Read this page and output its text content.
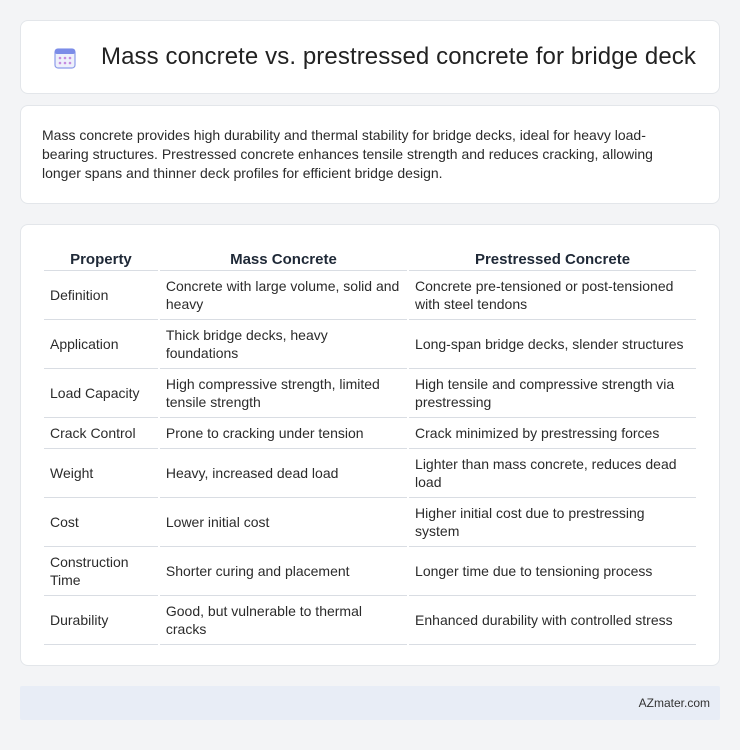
Mass concrete vs. prestressed concrete for bridge deck

Mass concrete provides high durability and thermal stability for bridge decks, ideal for heavy load-bearing structures. Prestressed concrete enhances tensile strength and reduces cracking, allowing longer spans and thinner deck profiles for efficient bridge design.

Property	Mass Concrete	Prestressed Concrete
Definition	Concrete with large volume, solid and heavy	Concrete pre-tensioned or post-tensioned with steel tendons
Application	Thick bridge decks, heavy foundations	Long-span bridge decks, slender structures
Load Capacity	High compressive strength, limited tensile strength	High tensile and compressive strength via prestressing
Crack Control	Prone to cracking under tension	Crack minimized by prestressing forces
Weight	Heavy, increased dead load	Lighter than mass concrete, reduces dead load
Cost	Lower initial cost	Higher initial cost due to prestressing system
Construction Time	Shorter curing and placement	Longer time due to tensioning process
Durability	Good, but vulnerable to thermal cracks	Enhanced durability with controlled stress
AZmater.com
